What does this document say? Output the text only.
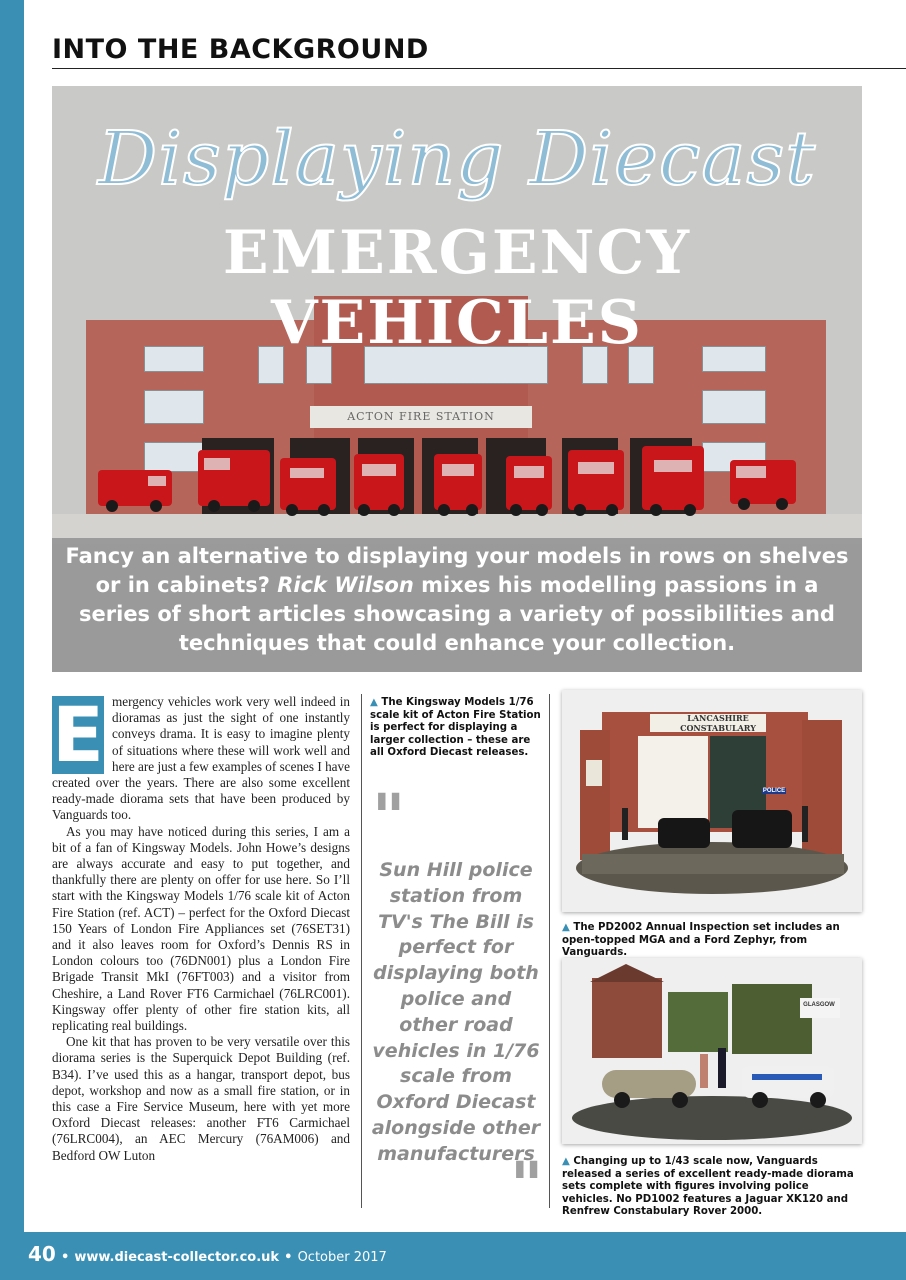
INTO THE BACKGROUND
ACTON FIRE STATION
Displaying Diecast
EMERGENCY VEHICLES

Fancy an alternative to displaying your models in rows on shelves or in cabinets? Rick Wilson mixes his modelling passions in a series of short articles showcasing a variety of possibilities and techniques that could enhance your collection.

E mergency vehicles work very well indeed in dioramas as just the sight of one instantly conveys drama. It is easy to imagine plenty of situations where these will work well and here are just a few examples of scenes I have created over the years. There are also some excellent ready-made diorama sets that have been produced by Vanguards too.

As you may have noticed during this series, I am a bit of a fan of Kingsway Models. John Howe’s designs are always accurate and easy to put together, and thankfully there are plenty on offer for use here. So I’ll start with the Kingsway Models 1/76 scale kit of Acton Fire Station (ref. ACT) – perfect for the Oxford Diecast 150 Years of London Fire Appliances set (76SET31) and it also leaves room for Oxford’s Dennis RS in London colours too (76DN001) plus a London Fire Brigade Transit MkI (76FT003) and a visitor from Cheshire, a Land Rover FT6 Carmichael (76LRC001). Kingsway offer plenty of other fire station kits, all replicating real buildings.

One kit that has proven to be very versatile over this diorama series is the Superquick Depot Building (ref. B34). I’ve used this as a hangar, transport depot, bus depot, workshop and now as a small fire station, or in this case a Fire Service Museum, here with yet more Oxford Diecast releases: another FT6 Carmichael (76LRC004), an AEC Mercury (76AM006) and Bedford OW Luton

▲ The Kingsway Models 1/76 scale kit of Acton Fire Station is perfect for displaying a larger collection – these are all Oxford Diecast releases.
"
Sun Hill police station from TV's The Bill is perfect for displaying both police and other road vehicles in 1/76 scale from Oxford Diecast alongside other manufacturers
"
LANCASHIRE CONSTABULARY
POLICE
▲ The PD2002 Annual Inspection set includes an open-topped MGA and a Ford Zephyr, from Vanguards.
GLASGOW
▲ Changing up to 1/43 scale now, Vanguards released a series of excellent ready-made diorama sets complete with figures involving police vehicles. No PD1002 features a Jaguar XK120 and Renfrew Constabulary Rover 2000.
40 • www.diecast-collector.co.uk • October 2017
